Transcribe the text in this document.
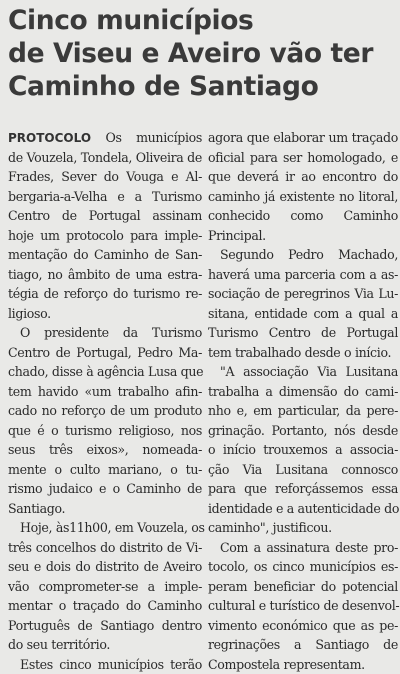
Cinco municípios
de Viseu e Aveiro vão ter
Caminho de Santiago
PROTOCOLO Os municípios
de Vouzela, Tondela, Oliveira de
Frades, Sever do Vouga e Al-
bergaria-a-Velha e a Turismo
Centro de Portugal assinam
hoje um protocolo para imple-
mentação do Caminho de San-
tiago, no âmbito de uma estra-
tégia de reforço do turismo re-
ligioso.
O presidente da Turismo
Centro de Portugal, Pedro Ma-
chado, disse à agência Lusa que
tem havido «um trabalho afin-
cado no reforço de um produto
que é o turismo religioso, nos
seus três eixos», nomeada-
mente o culto mariano, o tu-
rismo judaico e o Caminho de
Santiago.
Hoje, às11h00, em Vouzela, os
três concelhos do distrito de Vi-
seu e dois do distrito de Aveiro
vão comprometer-se a imple-
mentar o traçado do Caminho
Português de Santiago dentro
do seu território.
Estes cinco municípios terão
agora que elaborar um traçado
oficial para ser homologado, e
que deverá ir ao encontro do
caminho já existente no litoral,
conhecido como Caminho
Principal.
Segundo Pedro Machado,
haverá uma parceria com a as-
sociação de peregrinos Via Lu-
sitana, entidade com a qual a
Turismo Centro de Portugal
tem trabalhado desde o início.
"A associação Via Lusitana
trabalha a dimensão do cami-
nho e, em particular, da pere-
grinação. Portanto, nós desde
o início trouxemos a associa-
ção Via Lusitana connosco
para que reforçássemos essa
identidade e a autenticidade do
caminho", justificou.
Com a assinatura deste pro-
tocolo, os cinco municípios es-
peram beneficiar do potencial
cultural e turístico de desenvol-
vimento económico que as pe-
regrinações a Santiago de
Compostela representam.
